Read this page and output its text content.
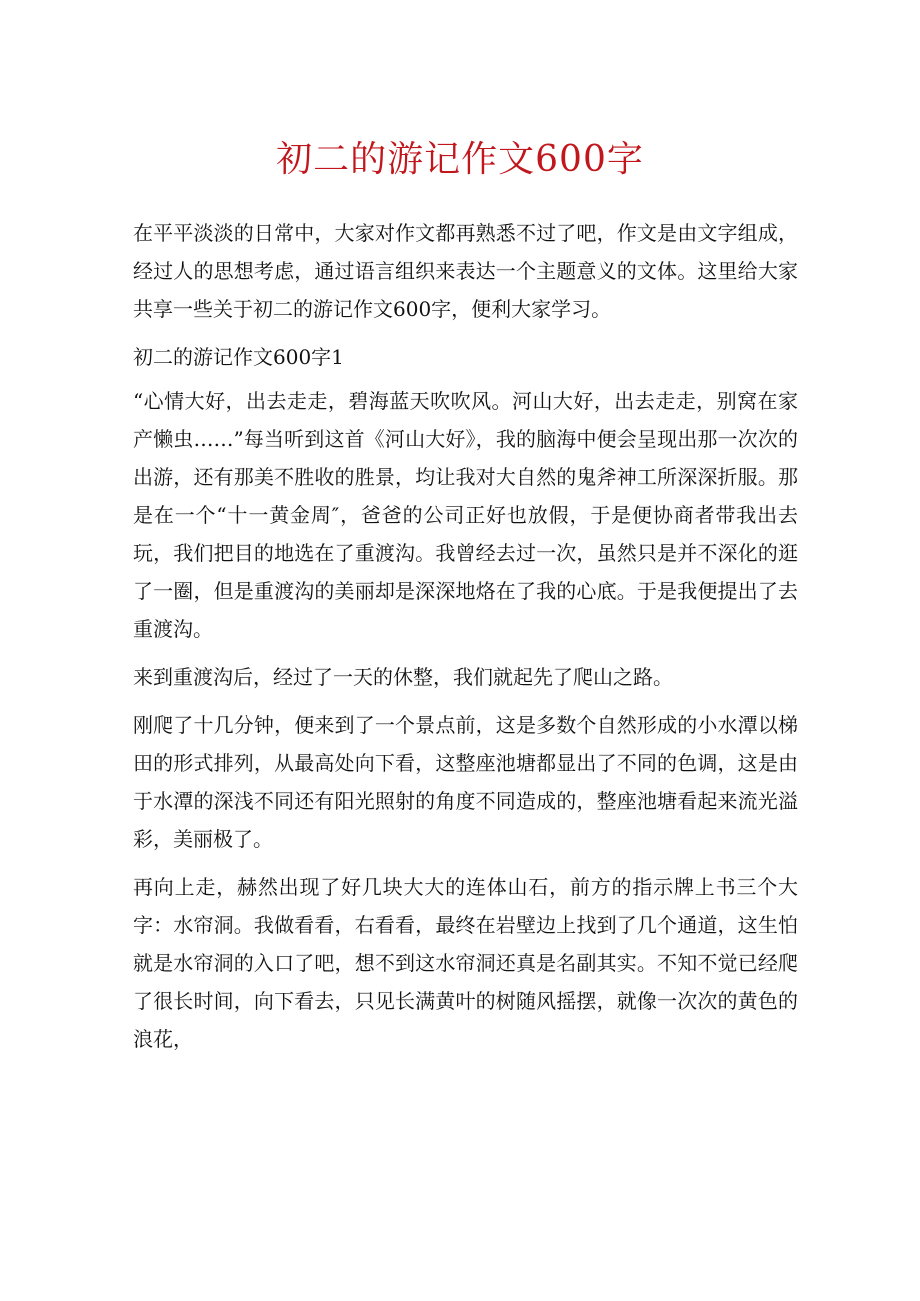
初二的游记作文600字

在平平淡淡的日常中，大家对作文都再熟悉不过了吧，作文是由文字组成，经过人的思想考虑，通过语言组织来表达一个主题意义的文体。这里给大家共享一些关于初二的游记作文600字，便利大家学习。

初二的游记作文600字1

“心情大好，出去走走，碧海蓝天吹吹风。河山大好，出去走走，别窝在家产懒虫……”每当听到这首《河山大好》，我的脑海中便会呈现出那一次次的出游，还有那美不胜收的胜景，均让我对大自然的鬼斧神工所深深折服。那是在一个“十一黄金周″，爸爸的公司正好也放假，于是便协商者带我出去玩，我们把目的地选在了重渡沟。我曾经去过一次，虽然只是并不深化的逛了一圈，但是重渡沟的美丽却是深深地烙在了我的心底。于是我便提出了去重渡沟。

来到重渡沟后，经过了一天的休整，我们就起先了爬山之路。

刚爬了十几分钟，便来到了一个景点前，这是多数个自然形成的小水潭以梯田的形式排列，从最高处向下看，这整座池塘都显出了不同的色调，这是由于水潭的深浅不同还有阳光照射的角度不同造成的，整座池塘看起来流光溢彩，美丽极了。

再向上走，赫然出现了好几块大大的连体山石，前方的指示牌上书三个大字：水帘洞。我做看看，右看看，最终在岩壁边上找到了几个通道，这生怕就是水帘洞的入口了吧，想不到这水帘洞还真是名副其实。不知不觉已经爬了很长时间，向下看去，只见长满黄叶的树随风摇摆，就像一次次的黄色的浪花，
